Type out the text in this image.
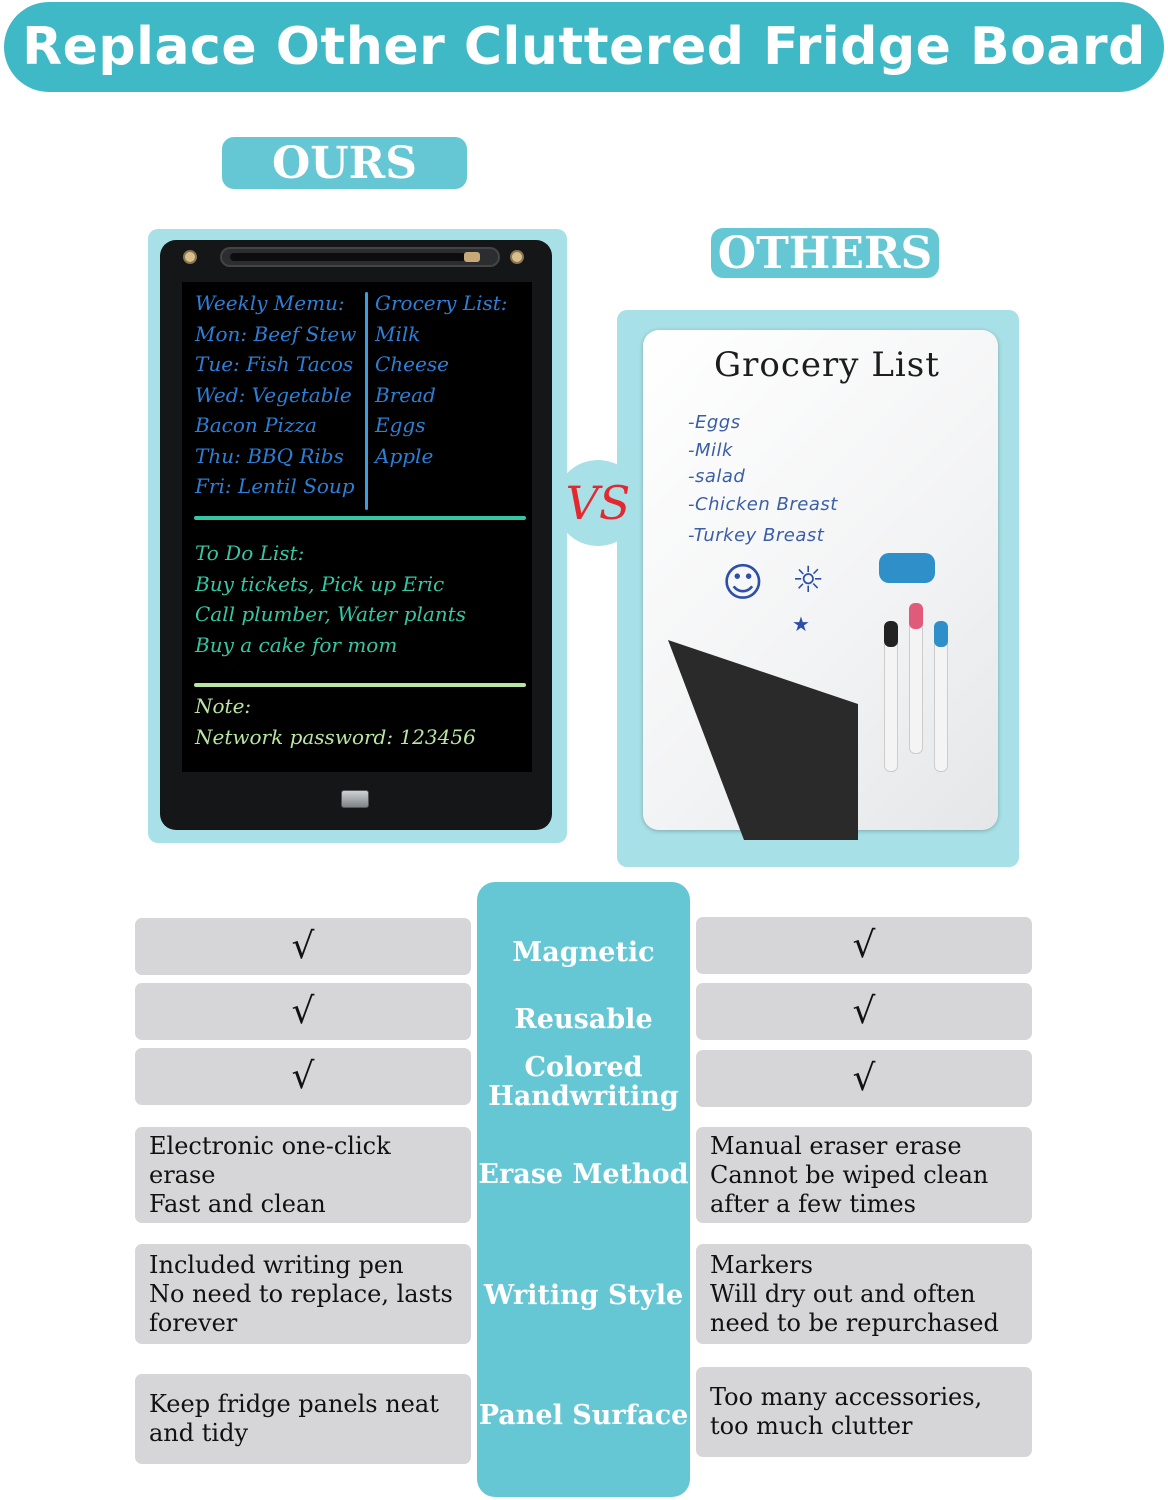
Replace Other Cluttered Fridge Board
OURS
OTHERS
Weekly Memu:
Mon: Beef Stew
Tue: Fish Tacos
Wed: Vegetable
Bacon Pizza
Thu: BBQ Ribs
Fri: Lentil Soup
Grocery List:
Milk
Cheese
Bread
Eggs
Apple
To Do List:
Buy tickets, Pick up Eric
Call plumber, Water plants
Buy a cake for mom
Note:
Network password: 123456
VS
Grocery List
-Eggs
-Milk
-salad
-Chicken Breast
-Turkey Breast
☺ ☼
★
Magnetic
Reusable
Colored Handwriting
Erase Method
Writing Style
Panel Surface
√
√
√
Electronic one-click erase
Fast and clean
Included writing pen
No need to replace, lasts
forever
Keep fridge panels neat
and tidy
√
√
√
Manual eraser erase
Cannot be wiped clean
after a few times
Markers
Will dry out and often
need to be repurchased
Too many accessories,
too much clutter
